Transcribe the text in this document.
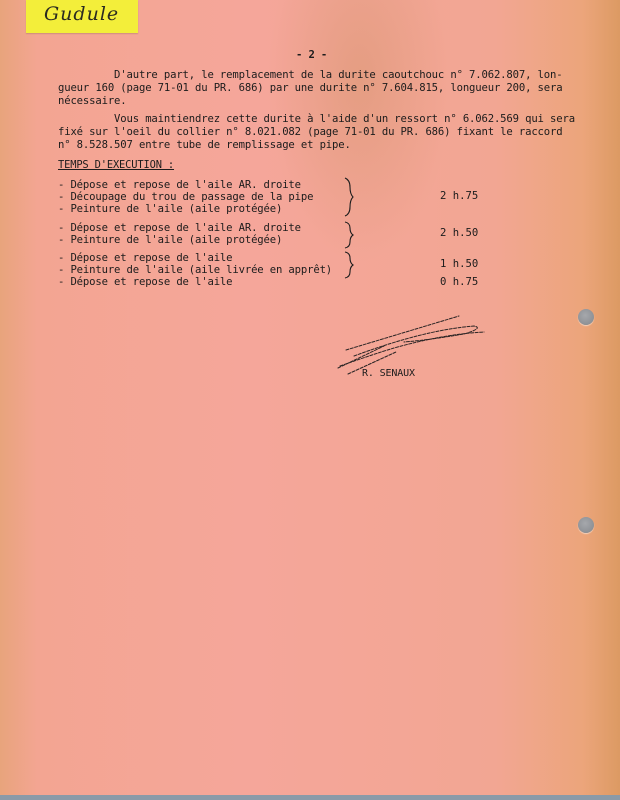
Gudule
- 2 -
D'autre part, le remplacement de la durite caoutchouc n° 7.062.807, lon-
gueur 160 (page 71-01 du PR. 686) par une durite n° 7.604.815, longueur 200, sera
nécessaire.
Vous maintiendrez cette durite à l'aide d'un ressort n° 6.062.569 qui sera
fixé sur l'oeil du collier n° 8.021.082 (page 71-01 du PR. 686) fixant le raccord
n° 8.528.507 entre tube de remplissage et pipe.
TEMPS D'EXECUTION :
- Dépose et repose de l'aile AR. droite
- Découpage du trou de passage de la pipe
- Peinture de l'aile (aile protégée)
2 h.75
- Dépose et repose de l'aile AR. droite
- Peinture de l'aile (aile protégée)
2 h.50
- Dépose et repose de l'aile
- Peinture de l'aile (aile livrée en apprêt)	1 h.50
- Dépose et repose de l'aile	0 h.75
R. SENAUX
